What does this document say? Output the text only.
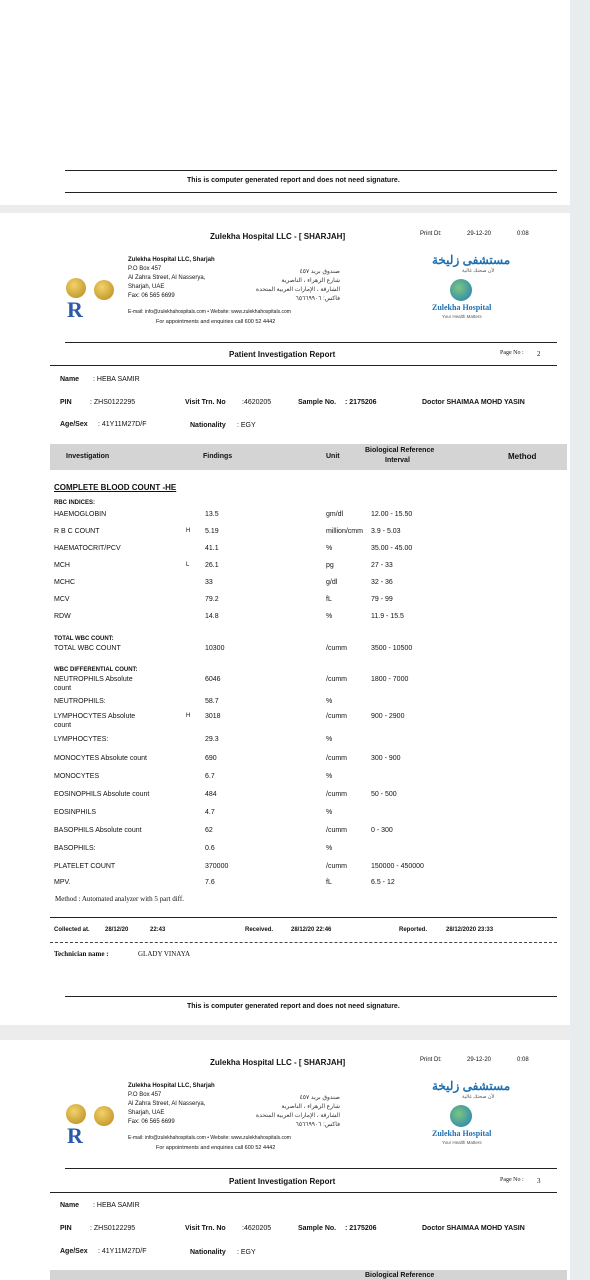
This is computer generated report and does not need signature.
Zulekha Hospital LLC - [ SHARJAH]	Print Dt:	29-12-20	0:08
R
Zulekha Hospital LLC, Sharjah
P.O Box 457
Al Zahra Street, Al Nasserya,
Sharjah, UAE
Fax: 06 565 6699
صندوق بريد ٤٥٧
شارع الزهراء ، الناصرية
الشارقة ، الإمارات العربية المتحدة
فاكس: ٦٥٦٦٩٩٠٦
E-mail: info@zulekhahospitals.com • Website: www.zulekhahospitals.com
For appointments and enquiries call 600 52 4442
مستشفى زليخة
لأن صحتك غالية
Zulekha Hospital
Your Health Matters
Patient Investigation Report	Page No : 2
Name : HEBA SAMIR
PIN	: ZHS0122295	Visit Trn. No :4620205	Sample No. : 2175206	Doctor SHAIMAA MOHD YASIN
Age/Sex : 41Y11M27D/F	Nationality : EGY
Investigation	Findings	Unit
Biological Reference
Interval	Method
COMPLETE BLOOD COUNT -HE
RBC INDICES:
HAEMOGLOBIN	13.5	gm/dl	12.00 - 15.50
R B C COUNT	H 5.19	million/cmm 3.9 - 5.03
HAEMATOCRIT/PCV	41.1	%	35.00 - 45.00
MCH	L 26.1	pg	27 - 33
MCHC	33	g/dl	32 - 36
MCV	79.2	fL	79 - 99
RDW	14.8	%	11.9 - 15.5
TOTAL WBC COUNT:
TOTAL WBC COUNT	10300	/cumm	3500 - 10500
WBC DIFFERENTIAL COUNT:
NEUTROPHILS Absolute	6046	/cumm	1800 - 7000
count
NEUTROPHILS:	58.7	%
LYMPHOCYTES Absolute	H 3018	/cumm	900 - 2900
count
LYMPHOCYTES:	29.3	%
MONOCYTES Absolute count	690	/cumm	300 - 900
MONOCYTES	6.7	%
EOSINOPHILS Absolute count	484	/cumm	50 - 500
EOSINPHILS	4.7	%
BASOPHILS Absolute count	62	/cumm	0 - 300
BASOPHILS:	0.6	%
PLATELET COUNT	370000	/cumm	150000 - 450000
MPV.	7.6	fL	6.5 - 12
Method : Automated analyzer with 5 part diff.
Collected at.	28/12/20	22:43	Received.	28/12/20 22:46	Reported.	28/12/2020 23:33
Technician name :	GLADY VINAYA
This is computer generated report and does not need signature.
Zulekha Hospital LLC - [ SHARJAH]	Print Dt:	29-12-20	0:08
R
Zulekha Hospital LLC, Sharjah
P.O Box 457
Al Zahra Street, Al Nasserya,
Sharjah, UAE
Fax: 06 565 6699
صندوق بريد ٤٥٧
شارع الزهراء ، الناصرية
الشارقة ، الإمارات العربية المتحدة
فاكس: ٦٥٦٦٩٩٠٦
E-mail: info@zulekhahospitals.com • Website: www.zulekhahospitals.com
For appointments and enquiries call 600 52 4442
مستشفى زليخة
لأن صحتك غالية
Zulekha Hospital
Your Health Matters
Patient Investigation Report	Page No : 3
Name : HEBA SAMIR
PIN	: ZHS0122295	Visit Trn. No :4620205	Sample No. : 2175206	Doctor SHAIMAA MOHD YASIN
Age/Sex : 41Y11M27D/F	Nationality : EGY
Biological Reference
